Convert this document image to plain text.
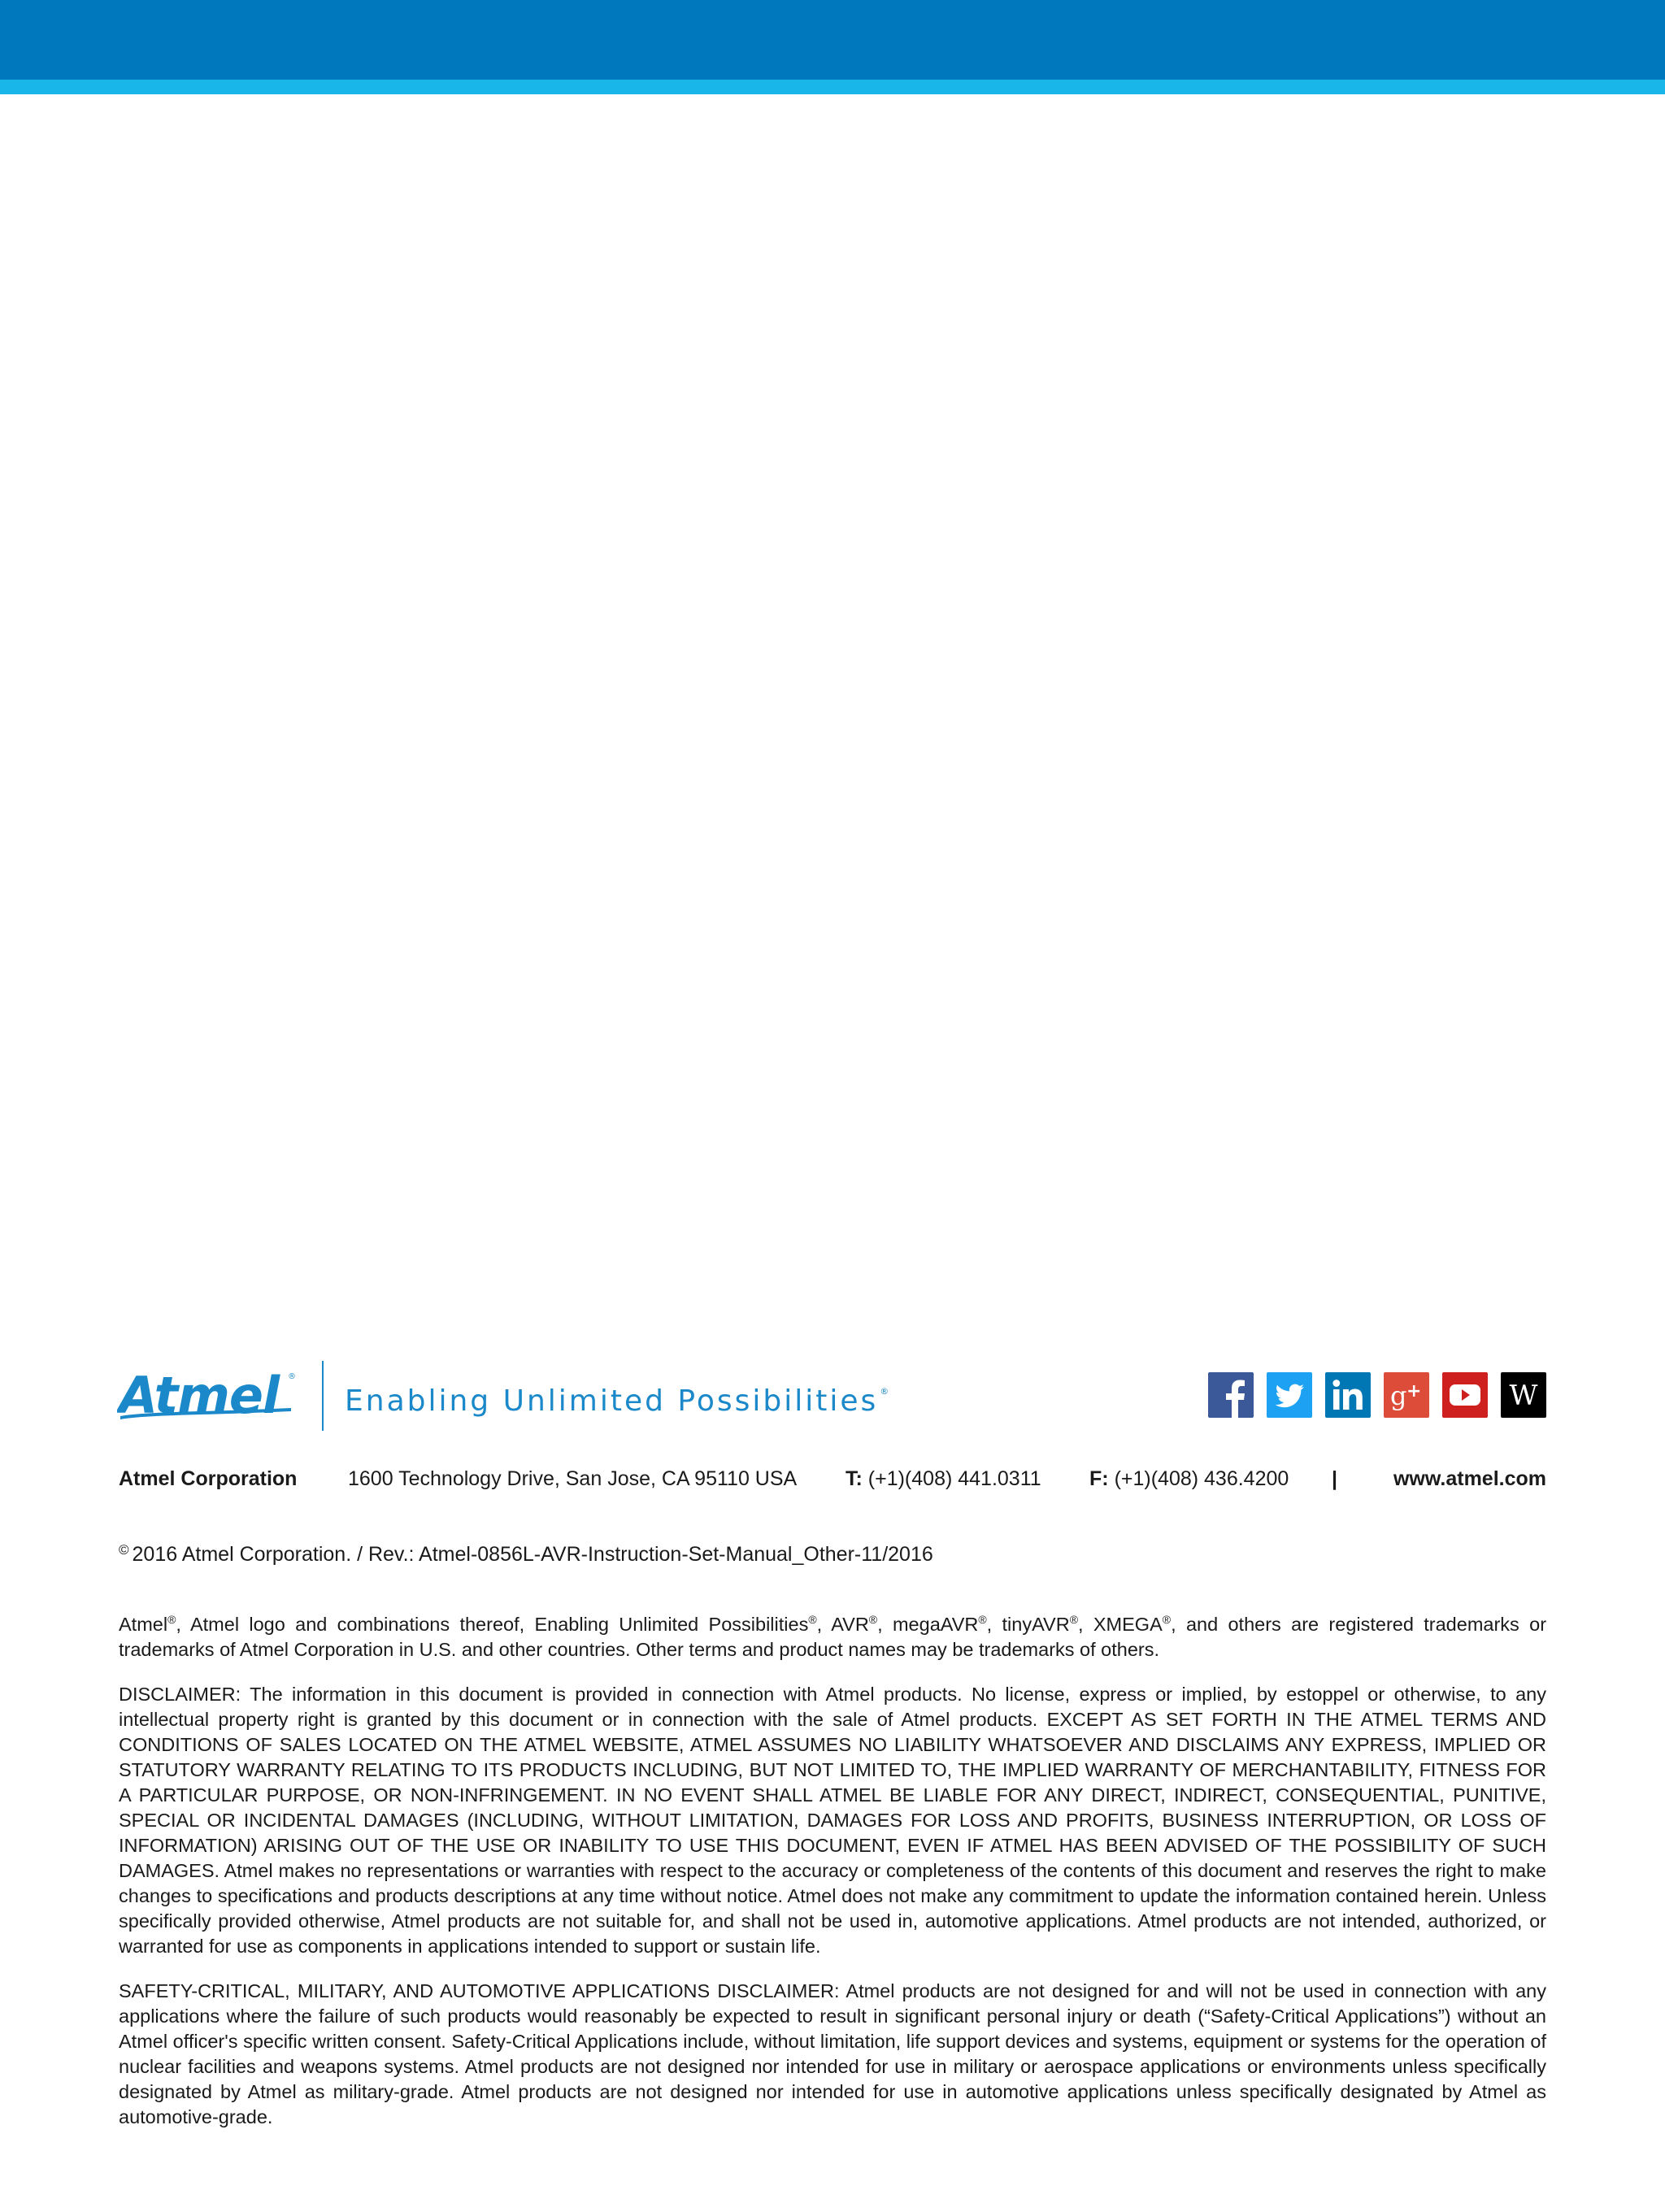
Atmel ®
Enabling Unlimited Possibilities ®	g +	W
Atmel Corporation	1600 Technology Drive, San Jose, CA 95110 USA T: (+1)(408) 441.0311 F: (+1)(408) 436.4200 |	www.atmel.com
© 2016 Atmel Corporation. / Rev.: Atmel-0856L-AVR-Instruction-Set-Manual_Other-11/2016

Atmel®, Atmel logo and combinations thereof, Enabling Unlimited Possibilities®, AVR®, megaAVR®, tinyAVR®, XMEGA®, and others are registered trademarks or trademarks of Atmel Corporation in U.S. and other countries. Other terms and product names may be trademarks of others.

DISCLAIMER: The information in this document is provided in connection with Atmel products. No license, express or implied, by estoppel or otherwise, to any intellectual property right is granted by this document or in connection with the sale of Atmel products. EXCEPT AS SET FORTH IN THE ATMEL TERMS AND CONDITIONS OF SALES LOCATED ON THE ATMEL WEBSITE, ATMEL ASSUMES NO LIABILITY WHATSOEVER AND DISCLAIMS ANY EXPRESS, IMPLIED OR STATUTORY WARRANTY RELATING TO ITS PRODUCTS INCLUDING, BUT NOT LIMITED TO, THE IMPLIED WARRANTY OF MERCHANTABILITY, FITNESS FOR A PARTICULAR PURPOSE, OR NON-INFRINGEMENT. IN NO EVENT SHALL ATMEL BE LIABLE FOR ANY DIRECT, INDIRECT, CONSEQUENTIAL, PUNITIVE, SPECIAL OR INCIDENTAL DAMAGES (INCLUDING, WITHOUT LIMITATION, DAMAGES FOR LOSS AND PROFITS, BUSINESS INTERRUPTION, OR LOSS OF INFORMATION) ARISING OUT OF THE USE OR INABILITY TO USE THIS DOCUMENT, EVEN IF ATMEL HAS BEEN ADVISED OF THE POSSIBILITY OF SUCH DAMAGES. Atmel makes no representations or warranties with respect to the accuracy or completeness of the contents of this document and reserves the right to make changes to specifications and products descriptions at any time without notice. Atmel does not make any commitment to update the information contained herein. Unless specifically provided otherwise, Atmel products are not suitable for, and shall not be used in, automotive applications. Atmel products are not intended, authorized, or warranted for use as components in applications intended to support or sustain life.

SAFETY-CRITICAL, MILITARY, AND AUTOMOTIVE APPLICATIONS DISCLAIMER: Atmel products are not designed for and will not be used in connection with any applications where the failure of such products would reasonably be expected to result in significant personal injury or death (“Safety-Critical Applications”) without an Atmel officer's specific written consent. Safety-Critical Applications include, without limitation, life support devices and systems, equipment or systems for the operation of nuclear facilities and weapons systems. Atmel products are not designed nor intended for use in military or aerospace applications or environments unless specifically designated by Atmel as military-grade. Atmel products are not designed nor intended for use in automotive applications unless specifically designated by Atmel as automotive-grade.
